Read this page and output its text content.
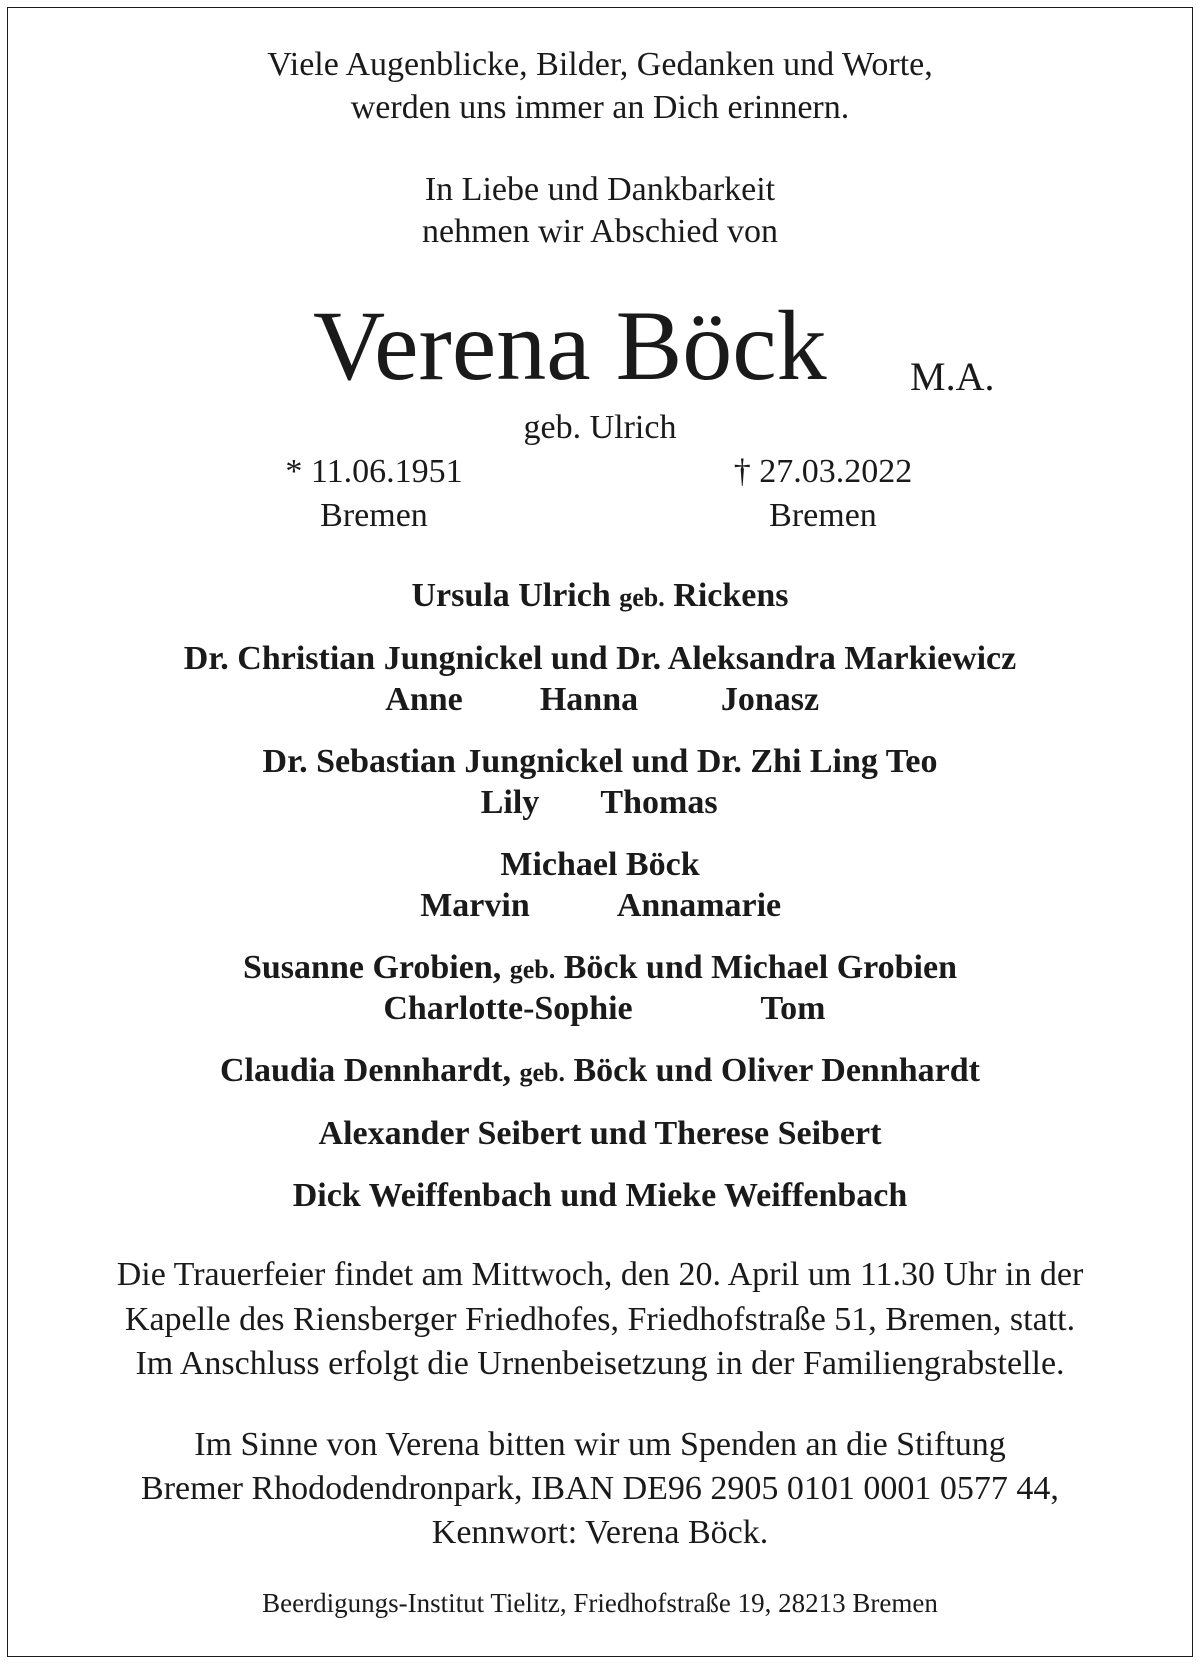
Viele Augenblicke, Bilder, Gedanken und Worte,
werden uns immer an Dich erinnern.
In Liebe und Dankbarkeit
nehmen wir Abschied von
Verena Böck M.A.
geb. Ulrich
* 11.06.1951
Bremen
† 27.03.2022
Bremen
Ursula Ulrich geb. Rickens
Dr. Christian Jungnickel und Dr. Aleksandra Markiewicz
Anne	Hanna	Jonasz
Dr. Sebastian Jungnickel und Dr. Zhi Ling Teo
Lily Thomas
Michael Böck
Marvin	Annamarie
Susanne Grobien, geb. Böck und Michael Grobien
Charlotte-Sophie	Tom
Claudia Dennhardt, geb. Böck und Oliver Dennhardt
Alexander Seibert und Therese Seibert
Dick Weiffenbach und Mieke Weiffenbach
Die Trauerfeier findet am Mittwoch, den 20. April um 11.30 Uhr in der
Kapelle des Riensberger Friedhofes, Friedhofstraße 51, Bremen, statt.
Im Anschluss erfolgt die Urnenbeisetzung in der Familiengrabstelle.
Im Sinne von Verena bitten wir um Spenden an die Stiftung
Bremer Rhododendronpark, IBAN DE96 2905 0101 0001 0577 44,
Kennwort: Verena Böck.
Beerdigungs-Institut Tielitz, Friedhofstraße 19, 28213 Bremen
